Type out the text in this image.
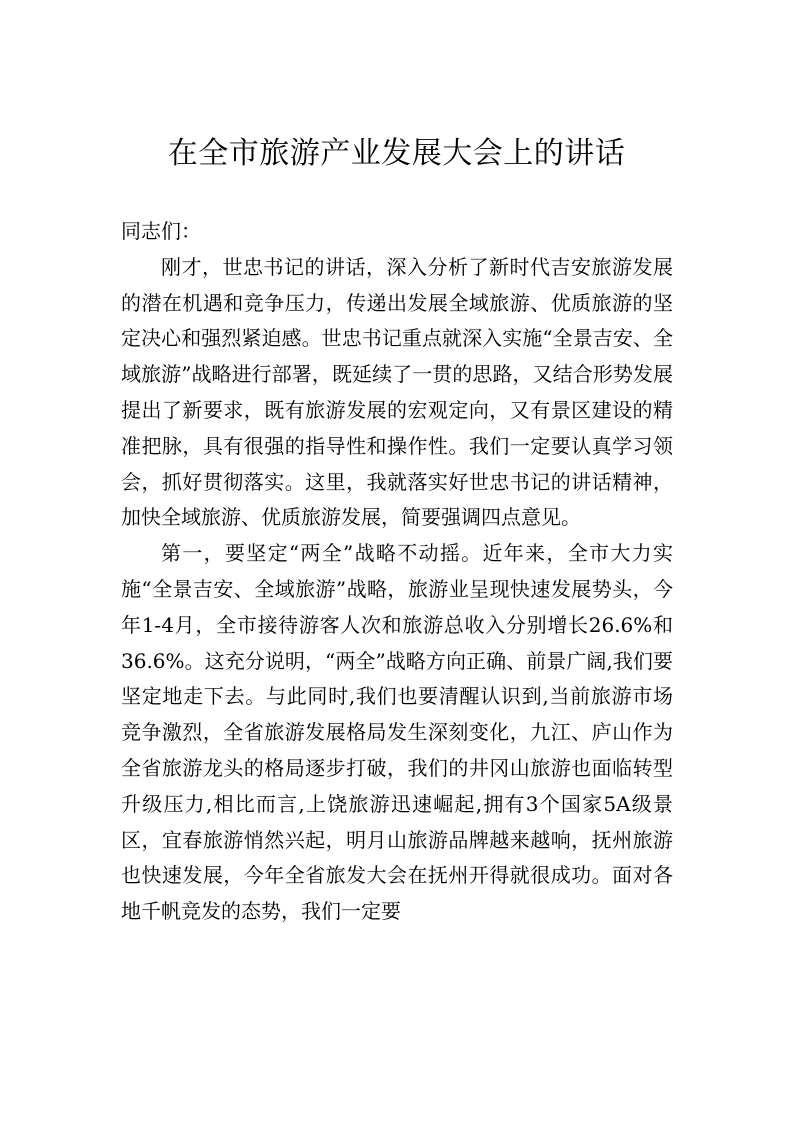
在全市旅游产业发展大会上的讲话

同志们：

刚才，世忠书记的讲话，深入分析了新时代吉安旅游发展的潜在机遇和竞争压力，传递出发展全域旅游、优质旅游的坚定决心和强烈紧迫感。世忠书记重点就深入实施“全景吉安、全域旅游”战略进行部署，既延续了一贯的思路，又结合形势发展提出了新要求，既有旅游发展的宏观定向，又有景区建设的精准把脉，具有很强的指导性和操作性。我们一定要认真学习领会，抓好贯彻落实。这里，我就落实好世忠书记的讲话精神，加快全域旅游、优质旅游发展，简要强调四点意见。

第一，要坚定“两全”战略不动摇。近年来，全市大力实施“全景吉安、全域旅游”战略，旅游业呈现快速发展势头，今年1-4月，全市接待游客人次和旅游总收入分别增长26.6%和36.6%。这充分说明，“两全”战略方向正确、前景广阔,我们要坚定地走下去。与此同时,我们也要清醒认识到,当前旅游市场竞争激烈，全省旅游发展格局发生深刻变化，九江、庐山作为全省旅游龙头的格局逐步打破，我们的井冈山旅游也面临转型升级压力,相比而言,上饶旅游迅速崛起,拥有3个国家5A级景区，宜春旅游悄然兴起，明月山旅游品牌越来越响，抚州旅游也快速发展，今年全省旅发大会在抚州开得就很成功。面对各地千帆竞发的态势，我们一定要
